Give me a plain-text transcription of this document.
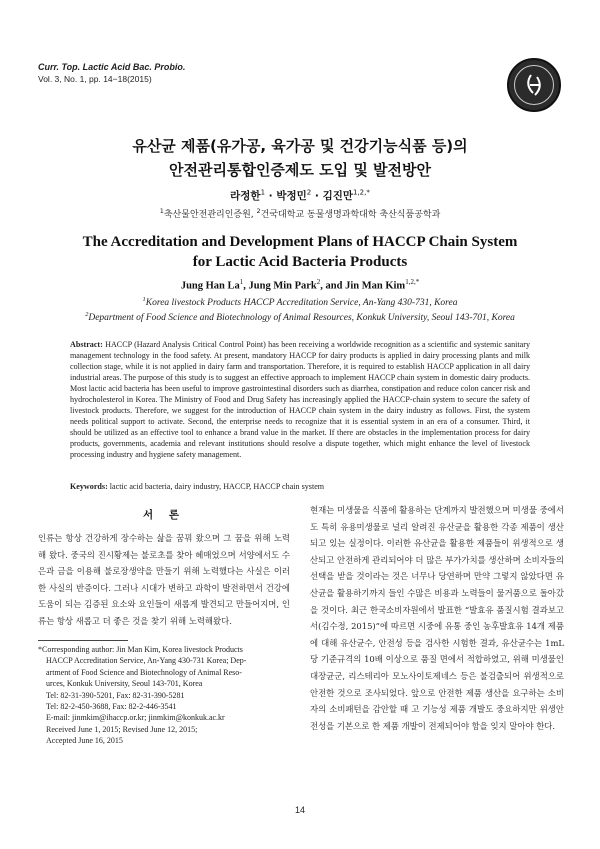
Curr. Top. Lactic Acid Bac. Probio.
Vol. 3, No. 1, pp. 14−18(2015)
유산균 제품(유가공, 육가공 및 건강기능식품 등)의
안전관리통합인증제도 도입 및 발전방안
라정한$^1$ · 박정민$^2$ · 김진만$^{1,2,*}$
$^1$축산물안전관리인증원, $^2$건국대학교 동물생명과학대학 축산식품공학과
The Accreditation and Development Plans of HACCP Chain System
for Lactic Acid Bacteria Products
Jung Han La$^1$, Jung Min Park$^2$, and Jin Man Kim$^{1,2,*}$
$^1$Korea livestock Products HACCP Accreditation Service, An-Yang 430-731, Korea
$^2$Department of Food Science and Biotechnology of Animal Resources, Konkuk University, Seoul 143-701, Korea
Abstract: HACCP (Hazard Analysis Critical Control Point) has been receiving a worldwide recognition as a scientific and systemic sanitary management technology in the food safety. At present, mandatory HACCP for dairy products is applied in dairy processing plants and milk collection stage, while it is not applied in dairy farm and transportation. Therefore, it is required to establish HACCP application in all dairy industrial areas. The purpose of this study is to suggest an effective approach to implement HACCP chain system in domestic dairy products. Most lactic acid bacteria has been useful to improve gastrointestinal disorders such as diarrhea, constipation and reduce colon cancer risk and hydrocholesterol in Korea. The Ministry of Food and Drug Safety has increasingly applied the HACCP-chain system to secure the safety of livestock products. Therefore, we suggest for the introduction of HACCP chain system in the dairy industry as follows. First, the system needs political support to activate. Second, the enterprise needs to recognize that it is essential system in an era of a consumer. Third, it should be utilized as an effective tool to enhance a brand value in the market. If there are obstacles in the implementation process for dairy products, governments, academia and relevant institutions should resolve a dispute together, which might enhance the level of livestock processing industry and hygiene safety management.
Keywords: lactic acid bacteria, dairy industry, HACCP, HACCP chain system
서 론
인류는 항상 건강하게 장수하는 삶을 꿈꿔 왔으며 그 꿈을 위해 노력해 왔다. 중국의 진시황제는 불로초를 찾아 헤매었으며 서양에서도 수은과 금을 이용해 불로장생약을 만들기 위해 노력했다는 사실은 이러한 사실의 반증이다. 그러나 시대가 변하고 과학이 발전하면서 건강에 도움이 되는 김증된 요소와 요인들이 새롭게 발견되고 만들어지며, 인류는 항상 새롭고 더 좋은 것을 찾기 위해 노력해왔다.
현재는 미생물을 식품에 활용하는 단계까지 발전했으며 미생물 중에서도 특히 유용미생물로 널리 알려진 유산균을 활용한 각종 제품이 생산되고 있는 실정이다. 이러한 유산균을 활용한 제품들이 위생적으로 생산되고 안전하게 관리되어야 더 많은 부가가치를 생산하며 소비자들의 선택을 받을 것이라는 것은 너무나 당연하며 만약 그렇지 않았다면 유산균을 활용하기까지 들인 수많은 비용과 노력들이 물거품으로 돌아갔을 것이다. 최근 한국소비자원에서 발표한 “발효유 품질시험 결과보고서(김수정, 2015)”에 따르면 시중에 유통 중인 농후발효유 14개 제품에 대해 유산균수, 안전성 등을 검사한 시험한 결과, 유산균수는 1mL 당 기준규격의 10배 이상으로 품질 면에서 적합하였고, 위해 미생물인 대장균군, 리스테리아 모노사이토제네스 등은 불검출되어 위생적으로 안전한 것으로 조사되었다. 앞으로 안전한 제품 생산을 요구하는 소비자의 소비패턴을 감안할 때 고 기능성 제품 개발도 중요하지만 위생안전성을 기본으로 한 제품 개발이 전제되어야 함을 잊지 말아야 한다.
*Corresponding author: Jin Man Kim, Korea livestock Products
HACCP Accreditation Service, An-Yang 430-731 Korea; Dep-
artment of Food Science and Biotechnology of Animal Reso-
urces, Konkuk University, Seoul 143-701, Korea
Tel: 82-31-390-5201, Fax: 82-31-390-5281
Tel: 82-2-450-3688, Fax: 82-2-446-3541
E-mail: jinmkim@ihaccp.or.kr; jinmkim@konkuk.ac.kr
Received June 1, 2015; Revised June 12, 2015;
Accepted June 16, 2015
14
